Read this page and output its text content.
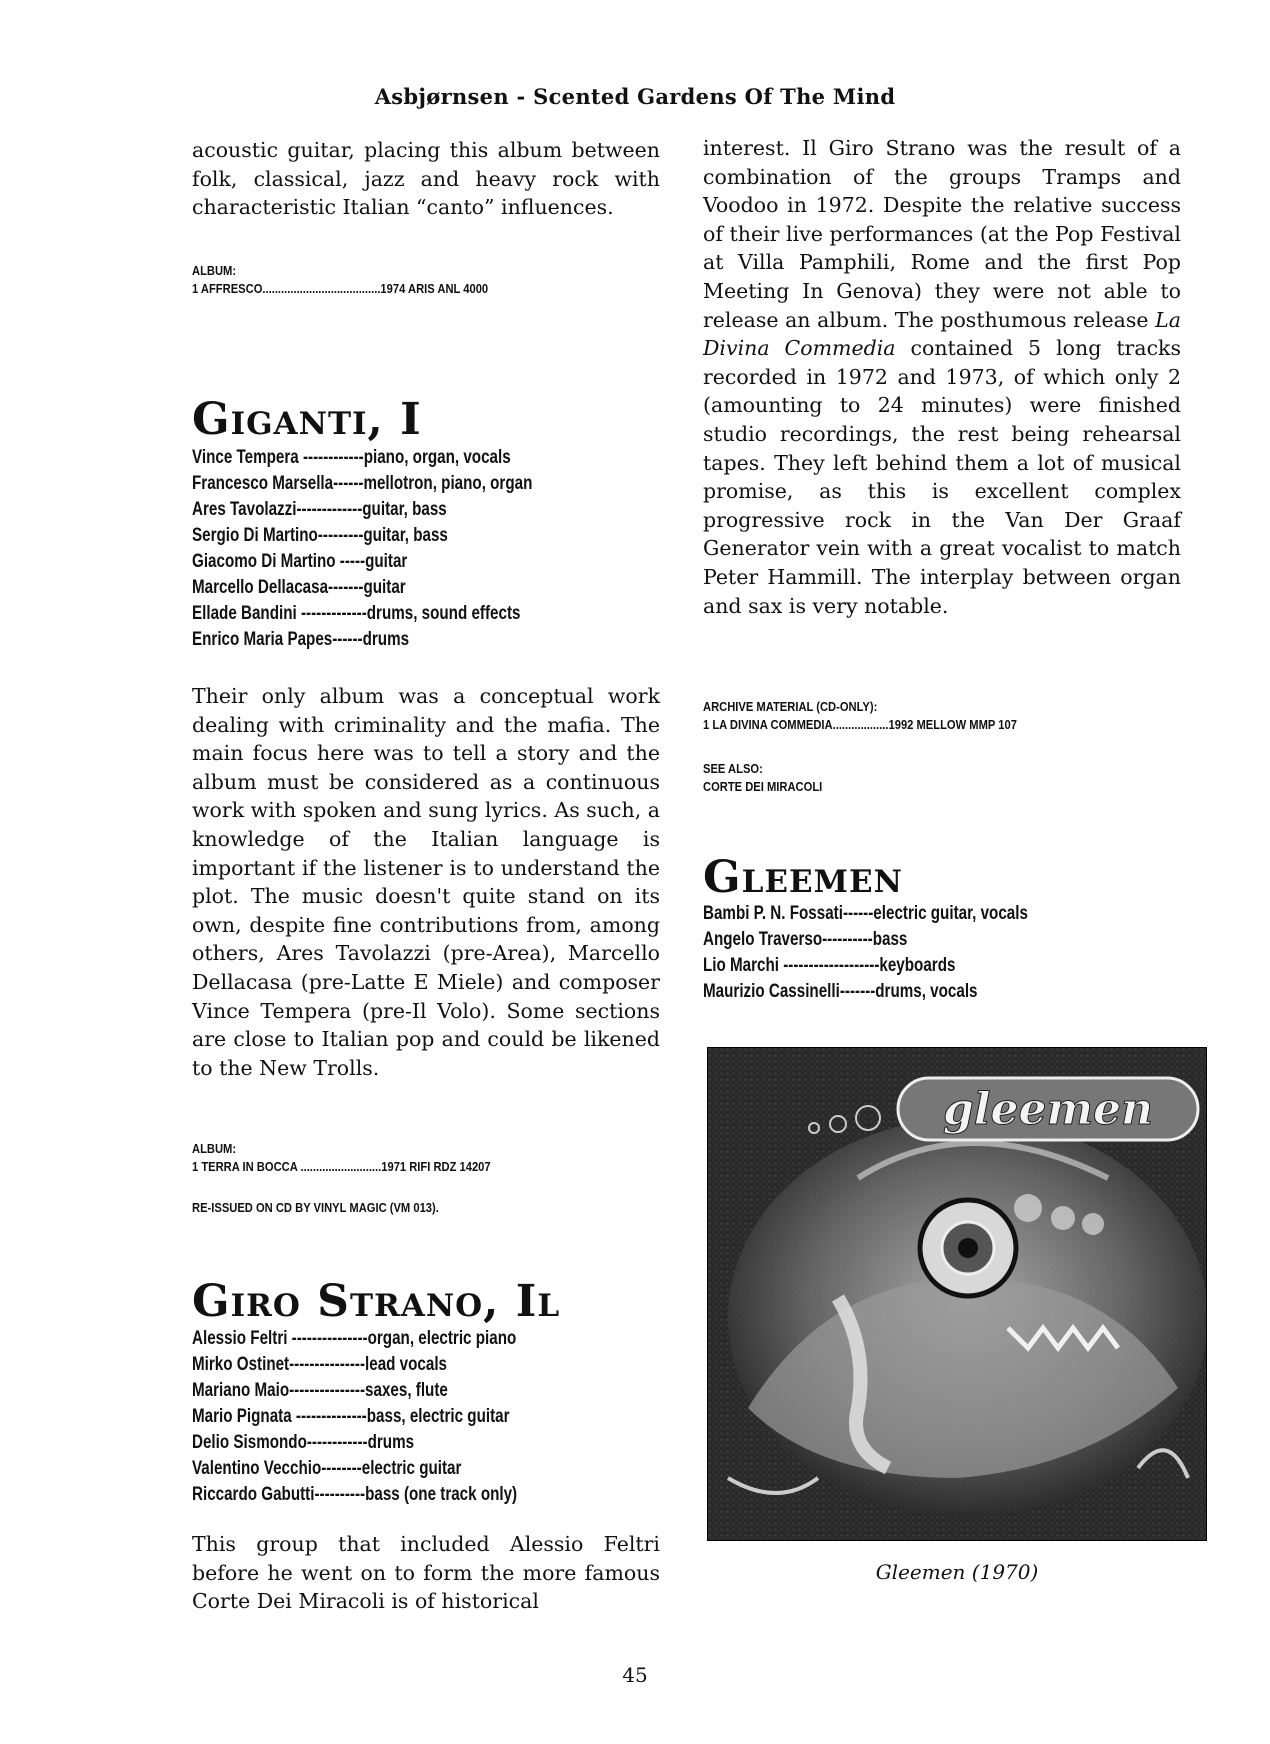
Asbjørnsen - Scented Gardens Of The Mind

acoustic guitar, placing this album between folk, classical, jazz and heavy rock with characteristic Italian “canto” influences.

ALBUM:
1 AFFRESCO......................................1974 ARIS ANL 4000
Giganti, I
Vince Tempera ------------piano, organ, vocals
Francesco Marsella------mellotron, piano, organ
Ares Tavolazzi-------------guitar, bass
Sergio Di Martino---------guitar, bass
Giacomo Di Martino -----guitar
Marcello Dellacasa-------guitar
Ellade Bandini -------------drums, sound effects
Enrico Maria Papes------drums

Their only album was a conceptual work dealing with criminality and the mafia. The main focus here was to tell a story and the album must be considered as a continuous work with spoken and sung lyrics. As such, a knowledge of the Italian language is important if the listener is to understand the plot. The music doesn't quite stand on its own, despite fine contributions from, among others, Ares Tavolazzi (pre-Area), Marcello Dellacasa (pre-Latte E Miele) and composer Vince Tempera (pre-Il Volo). Some sections are close to Italian pop and could be likened to the New Trolls.

ALBUM:
1 TERRA IN BOCCA ..........................1971 RIFI RDZ 14207
RE-ISSUED ON CD BY VINYL MAGIC (VM 013).
Giro Strano, Il
Alessio Feltri ---------------organ, electric piano
Mirko Ostinet---------------lead vocals
Mariano Maio---------------saxes, flute
Mario Pignata --------------bass, electric guitar
Delio Sismondo------------drums
Valentino Vecchio--------electric guitar
Riccardo Gabutti----------bass (one track only)

This group that included Alessio Feltri before he went on to form the more famous Corte Dei Miracoli is of historical

interest. Il Giro Strano was the result of a combination of the groups Tramps and Voodoo in 1972. Despite the relative success of their live performances (at the Pop Festival at Villa Pamphili, Rome and the first Pop Meeting In Genova) they were not able to release an album. The posthumous release La Divina Commedia contained 5 long tracks recorded in 1972 and 1973, of which only 2 (amounting to 24 minutes) were finished studio recordings, the rest being rehearsal tapes. They left behind them a lot of musical promise, as this is excellent complex progressive rock in the Van Der Graaf Generator vein with a great vocalist to match Peter Hammill. The interplay between organ and sax is very notable.

ARCHIVE MATERIAL (CD-ONLY):
1 LA DIVINA COMMEDIA..................1992 MELLOW MMP 107
SEE ALSO:
CORTE DEI MIRACOLI
Gleemen
Bambi P. N. Fossati------electric guitar, vocals
Angelo Traverso----------bass
Lio Marchi -------------------keyboards
Maurizio Cassinelli-------drums, vocals
gleemen
Gleemen (1970)
45
